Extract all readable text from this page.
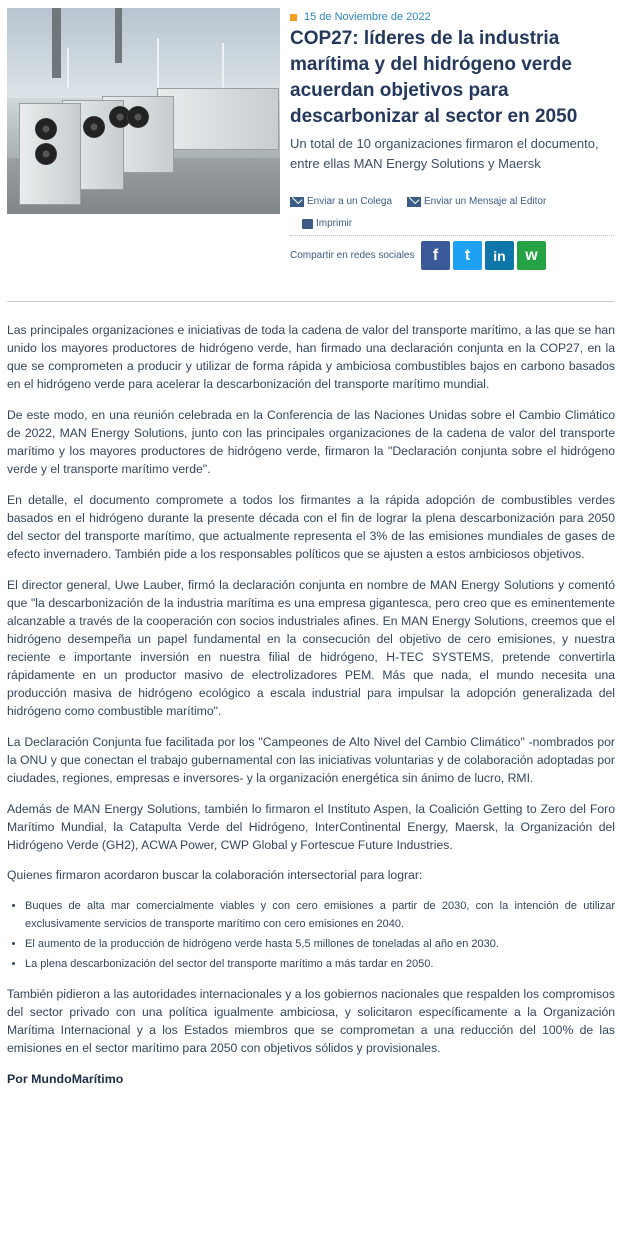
15 de Noviembre de 2022
COP27: líderes de la industria marítima y del hidrógeno verde acuerdan objetivos para descarbonizar al sector en 2050

Un total de 10 organizaciones firmaron el documento, entre ellas MAN Energy Solutions y Maersk

Enviar a un Colega	Enviar un Mensaje al Editor
Imprimir
Compartir en redes sociales f t in w

Las principales organizaciones e iniciativas de toda la cadena de valor del transporte marítimo, a las que se han unido los mayores productores de hidrógeno verde, han firmado una declaración conjunta en la COP27, en la que se comprometen a producir y utilizar de forma rápida y ambiciosa combustibles bajos en carbono basados en el hidrógeno verde para acelerar la descarbonización del transporte marítimo mundial.

De este modo, en una reunión celebrada en la Conferencia de las Naciones Unidas sobre el Cambio Climático de 2022, MAN Energy Solutions, junto con las principales organizaciones de la cadena de valor del transporte marítimo y los mayores productores de hidrógeno verde, firmaron la "Declaración conjunta sobre el hidrógeno verde y el transporte marítimo verde".

En detalle, el documento compromete a todos los firmantes a la rápida adopción de combustibles verdes basados en el hidrógeno durante la presente década con el fin de lograr la plena descarbonización para 2050 del sector del transporte marítimo, que actualmente representa el 3% de las emisiones mundiales de gases de efecto invernadero. También pide a los responsables políticos que se ajusten a estos ambiciosos objetivos.

El director general, Uwe Lauber, firmó la declaración conjunta en nombre de MAN Energy Solutions y comentó que "la descarbonización de la industria marítima es una empresa gigantesca, pero creo que es eminentemente alcanzable a través de la cooperación con socios industriales afines. En MAN Energy Solutions, creemos que el hidrógeno desempeña un papel fundamental en la consecución del objetivo de cero emisiones, y nuestra reciente e importante inversión en nuestra filial de hidrógeno, H-TEC SYSTEMS, pretende convertirla rápidamente en un productor masivo de electrolizadores PEM. Más que nada, el mundo necesita una producción masiva de hidrógeno ecológico a escala industrial para impulsar la adopción generalizada del hidrógeno como combustible marítimo".

La Declaración Conjunta fue facilitada por los "Campeones de Alto Nivel del Cambio Climático" -nombrados por la ONU y que conectan el trabajo gubernamental con las iniciativas voluntarias y de colaboración adoptadas por ciudades, regiones, empresas e inversores- y la organización energética sin ánimo de lucro, RMI.

Además de MAN Energy Solutions, también lo firmaron el Instituto Aspen, la Coalición Getting to Zero del Foro Marítimo Mundial, la Catapulta Verde del Hidrógeno, InterContinental Energy, Maersk, la Organización del Hidrógeno Verde (GH2), ACWA Power, CWP Global y Fortescue Future Industries.

Quienes firmaron acordaron buscar la colaboración intersectorial para lograr:

• Buques de alta mar comercialmente viables y con cero emisiones a partir de 2030, con la intención de utilizar exclusivamente servicios de transporte marítimo con cero emisiones en 2040.
• El aumento de la producción de hidrógeno verde hasta 5,5 millones de toneladas al año en 2030.
• La plena descarbonización del sector del transporte marítimo a más tardar en 2050.

También pidieron a las autoridades internacionales y a los gobiernos nacionales que respalden los compromisos del sector privado con una política igualmente ambiciosa, y solicitaron específicamente a la Organización Marítima Internacional y a los Estados miembros que se comprometan a una reducción del 100% de las emisiones en el sector marítimo para 2050 con objetivos sólidos y provisionales.

Por MundoMarítimo
